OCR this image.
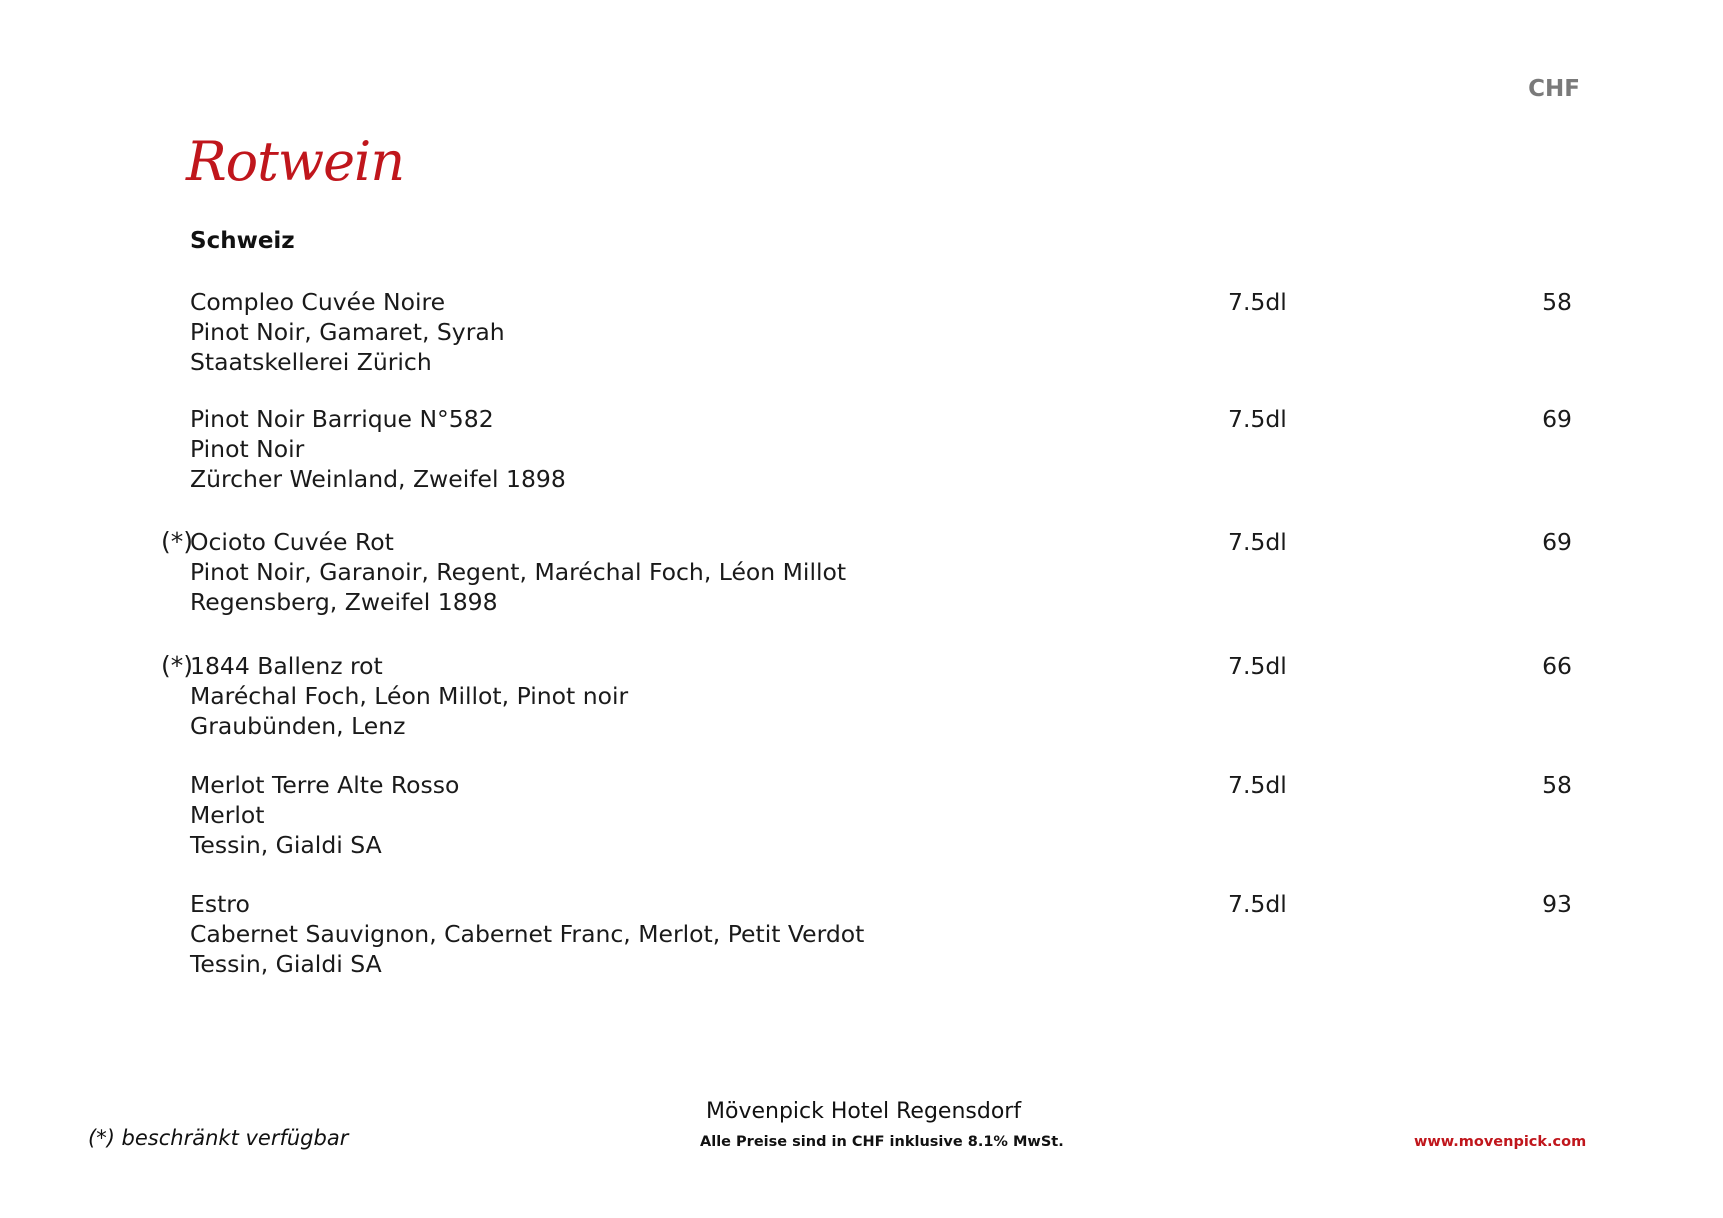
CHF
Rotwein
Schweiz
Compleo Cuvée Noire
Pinot Noir, Gamaret, Syrah
Staatskellerei Zürich
7.5dl	58
Pinot Noir Barrique N°582
Pinot Noir
Zürcher Weinland, Zweifel 1898
7.5dl	69
(*)
Ocioto Cuvée Rot
Pinot Noir, Garanoir, Regent, Maréchal Foch, Léon Millot
Regensberg, Zweifel 1898
7.5dl	69
(*)
1844 Ballenz rot
Maréchal Foch, Léon Millot, Pinot noir
Graubünden, Lenz
7.5dl	66
Merlot Terre Alte Rosso
Merlot
Tessin, Gialdi SA
7.5dl	58
Estro
Cabernet Sauvignon, Cabernet Franc, Merlot, Petit Verdot
Tessin, Gialdi SA
7.5dl	93
(*) beschränkt verfügbar
Mövenpick Hotel Regensdorf
Alle Preise sind in CHF inklusive 8.1% MwSt.	www.movenpick.com
